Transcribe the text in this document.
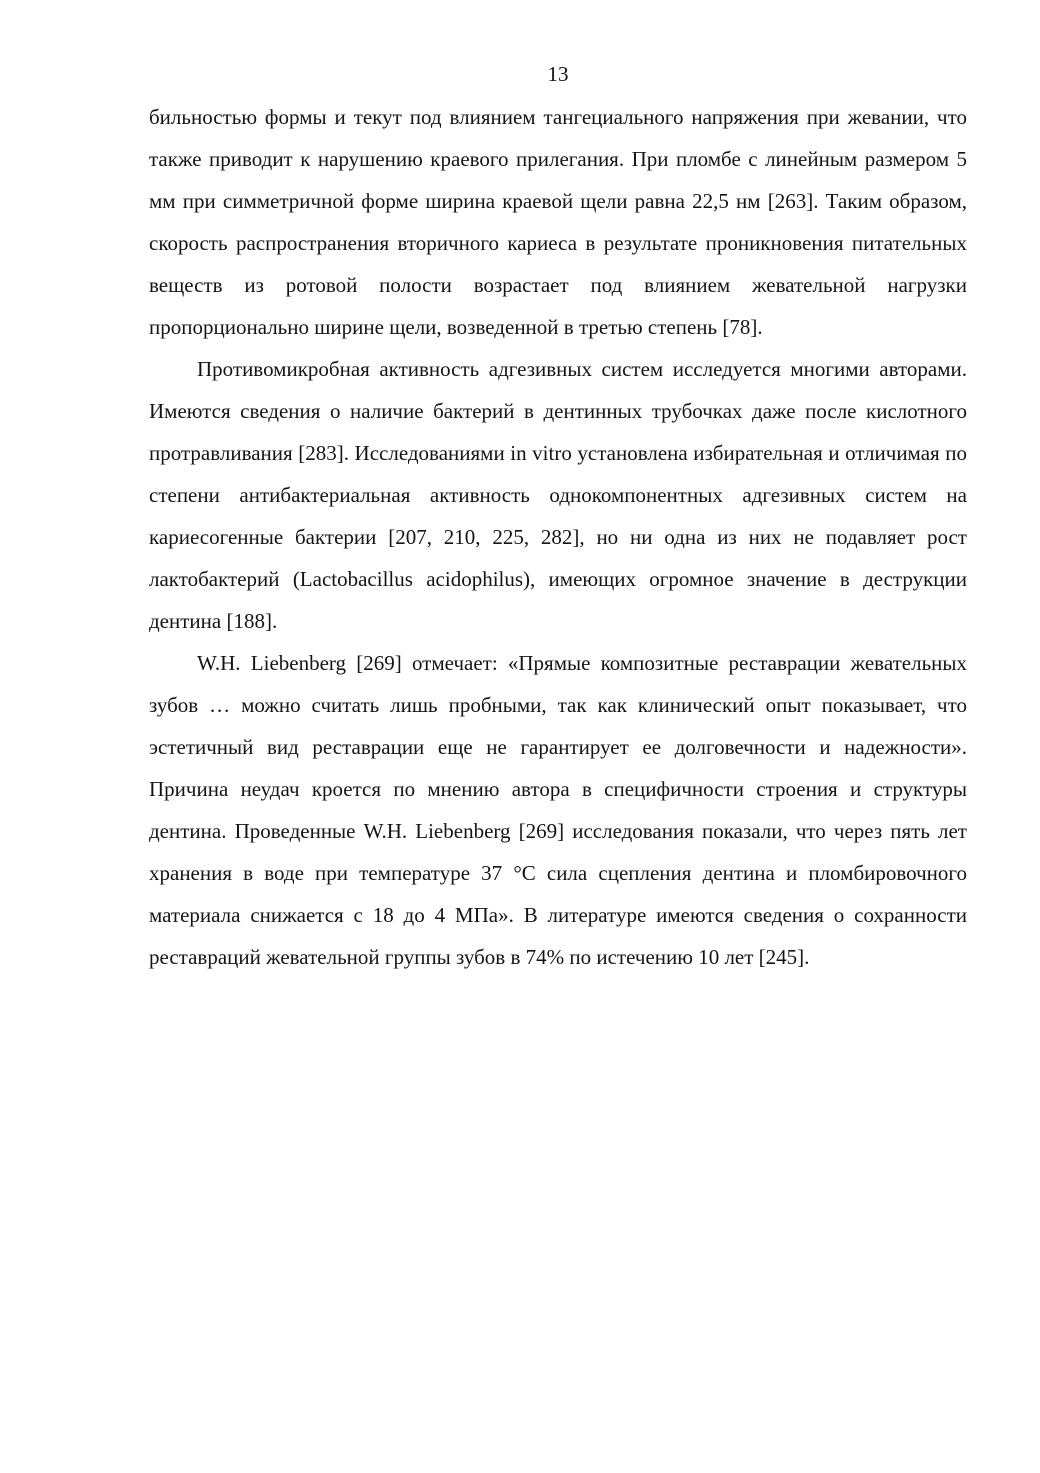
13

бильностью формы и текут под влиянием тангециального напряжения при жевании, что также приводит к нарушению краевого прилегания. При пломбе с линейным размером 5 мм при симметричной форме ширина краевой щели равна 22,5 нм [263]. Таким образом, скорость распространения вторичного кариеса в результате проникновения питательных веществ из ротовой полости возрастает под влиянием жевательной нагрузки пропорционально ширине щели, возведенной в третью степень [78].

Противомикробная активность адгезивных систем исследуется многими авторами. Имеются сведения о наличие бактерий в дентинных трубочках даже после кислотного протравливания [283]. Исследованиями in vitro установлена избирательная и отличимая по степени антибактериальная активность однокомпонентных адгезивных систем на кариесогенные бактерии [207, 210, 225, 282], но ни одна из них не подавляет рост лактобактерий (Lactobacillus acidophilus), имеющих огромное значение в деструкции дентина [188].

W.H. Liebenberg [269] отмечает: «Прямые композитные реставрации жевательных зубов … можно считать лишь пробными, так как клинический опыт показывает, что эстетичный вид реставрации еще не гарантирует ее долговечности и надежности». Причина неудач кроется по мнению автора в специфичности строения и структуры дентина. Проведенные W.H. Liebenberg [269] исследования показали, что через пять лет хранения в воде при температуре 37 °C сила сцепления дентина и пломбировочного материала снижается с 18 до 4 МПа». В литературе имеются сведения о сохранности реставраций жевательной группы зубов в 74% по истечению 10 лет [245].
